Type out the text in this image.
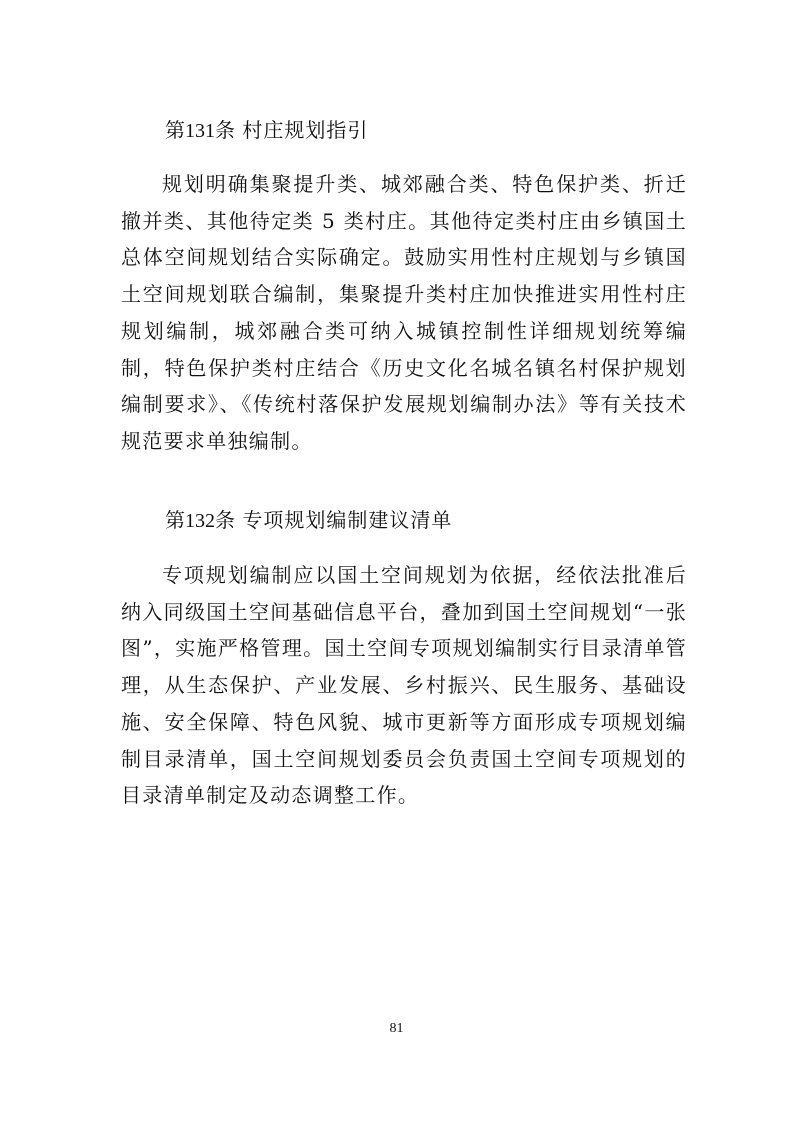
第131条 村庄规划指引

规划明确集聚提升类、城郊融合类、特色保护类、折迁撤并类、其他待定类 5 类村庄。其他待定类村庄由乡镇国土总体空间规划结合实际确定。鼓励实用性村庄规划与乡镇国土空间规划联合编制，集聚提升类村庄加快推进实用性村庄规划编制，城郊融合类可纳入城镇控制性详细规划统筹编制，特色保护类村庄结合《历史文化名城名镇名村保护规划编制要求》、《传统村落保护发展规划编制办法》等有关技术规范要求单独编制。

第132条 专项规划编制建议清单

专项规划编制应以国土空间规划为依据，经依法批准后纳入同级国土空间基础信息平台，叠加到国土空间规划“一张图”，实施严格管理。国土空间专项规划编制实行目录清单管理，从生态保护、产业发展、乡村振兴、民生服务、基础设施、安全保障、特色风貌、城市更新等方面形成专项规划编制目录清单，国土空间规划委员会负责国土空间专项规划的目录清单制定及动态调整工作。

81
